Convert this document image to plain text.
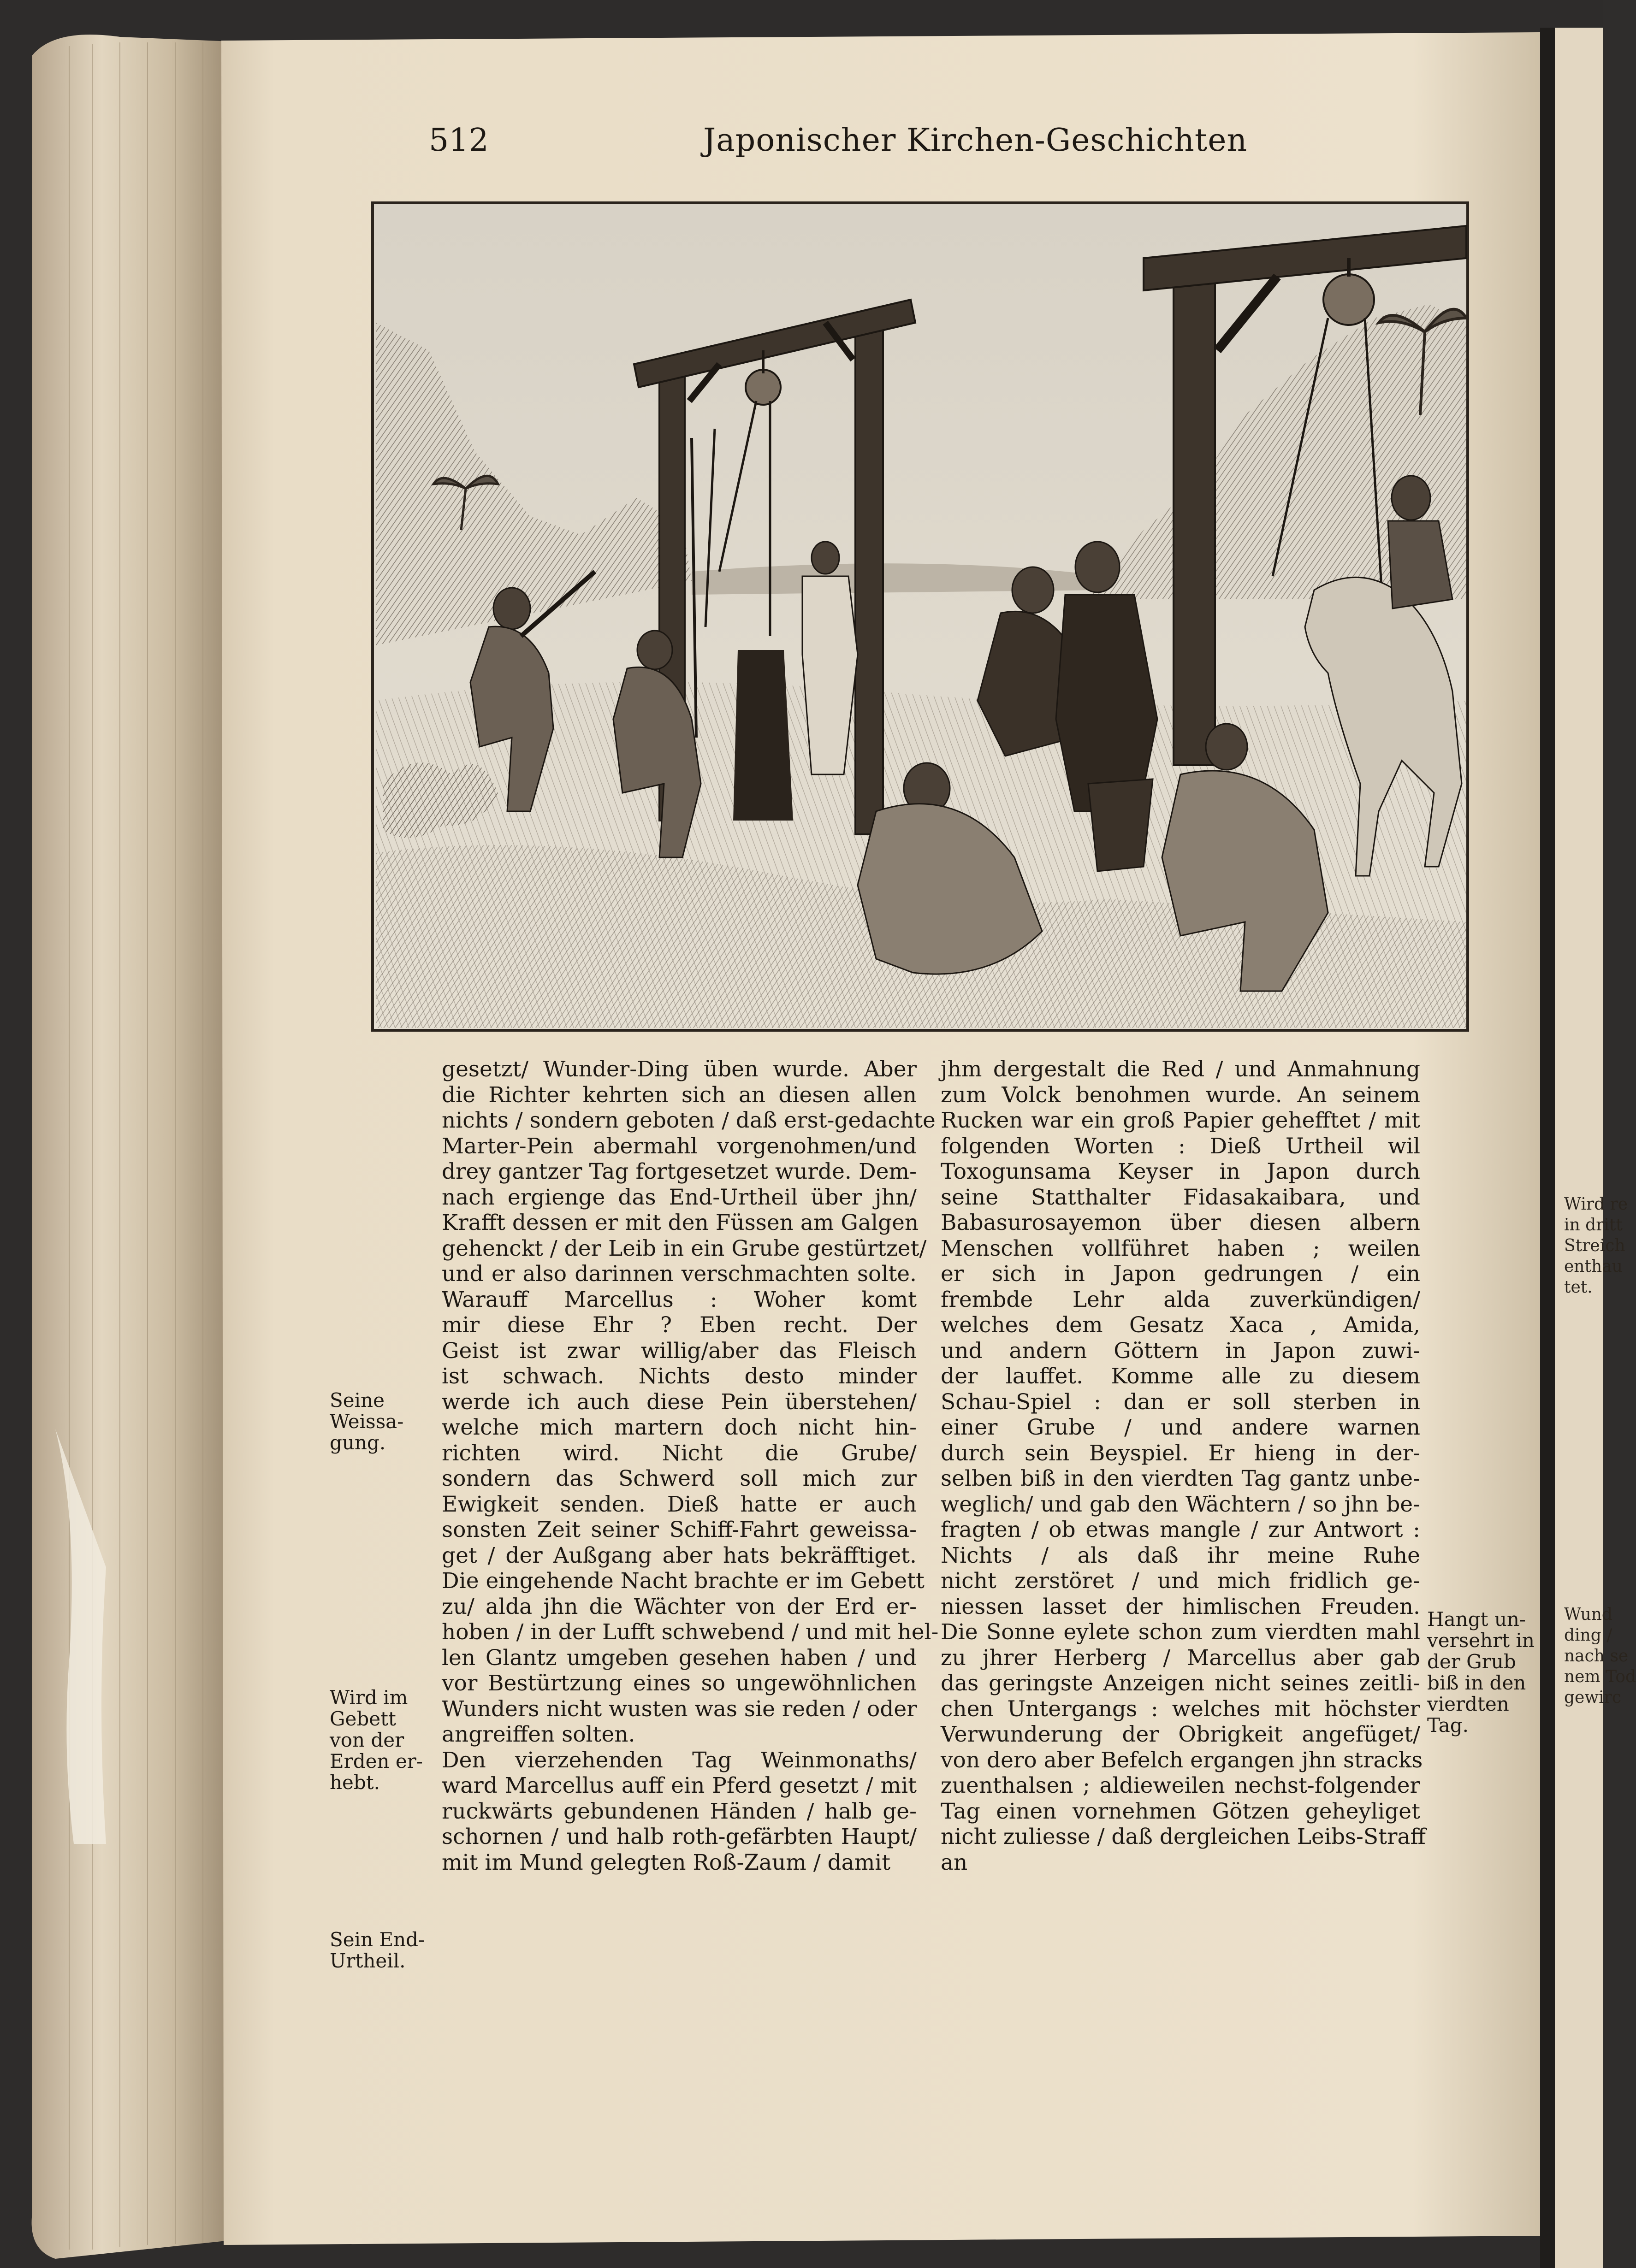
512	Japonischer Kirchen-Geschichten
gesetzt/ Wunder-Ding üben wurde. Aber
die Richter kehrten sich an diesen allen
nichts / sondern geboten / daß erst-gedachte
Marter-Pein abermahl vorgenohmen/und
drey gantzer Tag fortgesetzet wurde. Dem-
nach ergienge das End-Urtheil über jhn/
Krafft dessen er mit den Füssen am Galgen
gehenckt / der Leib in ein Grube gestürtzet/
und er also darinnen verschmachten solte.
Warauff Marcellus : Woher komt
mir diese Ehr ? Eben recht. Der
Geist ist zwar willig/aber das Fleisch
ist schwach. Nichts desto minder
werde ich auch diese Pein überstehen/
welche mich martern doch nicht hin-
richten wird. Nicht die Grube/
sondern das Schwerd soll mich zur
Ewigkeit senden. Dieß hatte er auch
sonsten Zeit seiner Schiff-Fahrt geweissa-
get / der Außgang aber hats bekräfftiget.
Die eingehende Nacht brachte er im Gebett
zu/ alda jhn die Wächter von der Erd er-
hoben / in der Lufft schwebend / und mit hel-
len Glantz umgeben gesehen haben / und
vor Bestürtzung eines so ungewöhnlichen
Wunders nicht wusten was sie reden / oder
angreiffen solten.
Den vierzehenden Tag Weinmonaths/
ward Marcellus auff ein Pferd gesetzt / mit
ruckwärts gebundenen Händen / halb ge-
schornen / und halb roth-gefärbten Haupt/
mit im Mund gelegten Roß-Zaum / damit
jhm dergestalt die Red / und Anmahnung
zum Volck benohmen wurde. An seinem
Rucken war ein groß Papier gehefftet / mit
folgenden Worten : Dieß Urtheil wil
Toxogunsama Keyser in Japon durch
seine Statthalter Fidasakaibara, und
Babasurosayemon über diesen albern
Menschen vollführet haben ; weilen
er sich in Japon gedrungen / ein
frembde Lehr alda zuverkündigen/
welches dem Gesatz Xaca , Amida,
und andern Göttern in Japon zuwi-
der lauffet. Komme alle zu diesem
Schau-Spiel : dan er soll sterben in
einer Grube / und andere warnen
durch sein Beyspiel. Er hieng in der-
selben biß in den vierdten Tag gantz unbe-
weglich/ und gab den Wächtern / so jhn be-
fragten / ob etwas mangle / zur Antwort :
Nichts / als daß ihr meine Ruhe
nicht zerstöret / und mich fridlich ge-
niessen lasset der himlischen Freuden.
Die Sonne eylete schon zum vierdten mahl
zu jhrer Herberg / Marcellus aber gab
das geringste Anzeigen nicht seines zeitli-
chen Untergangs : welches mit höchster
Verwunderung der Obrigkeit angefüget/
von dero aber Befelch ergangen jhn stracks
zuenthalsen ; aldieweilen nechst-folgender
Tag einen vornehmen Götzen geheyliget
nicht zuliesse / daß dergleichen Leibs-Straff
an
Seine
Weissa-
gung.
Wird im
Gebett
von der
Erden er-
hebt.
Sein End-
Urtheil.
Hangt un-
versehrt in
der Grub
biß in den
vierdten
Tag.
Wird re
in dritt
Streich
enthau
tet.
Wund
ding /
nach se
nem Tod
gewirc
